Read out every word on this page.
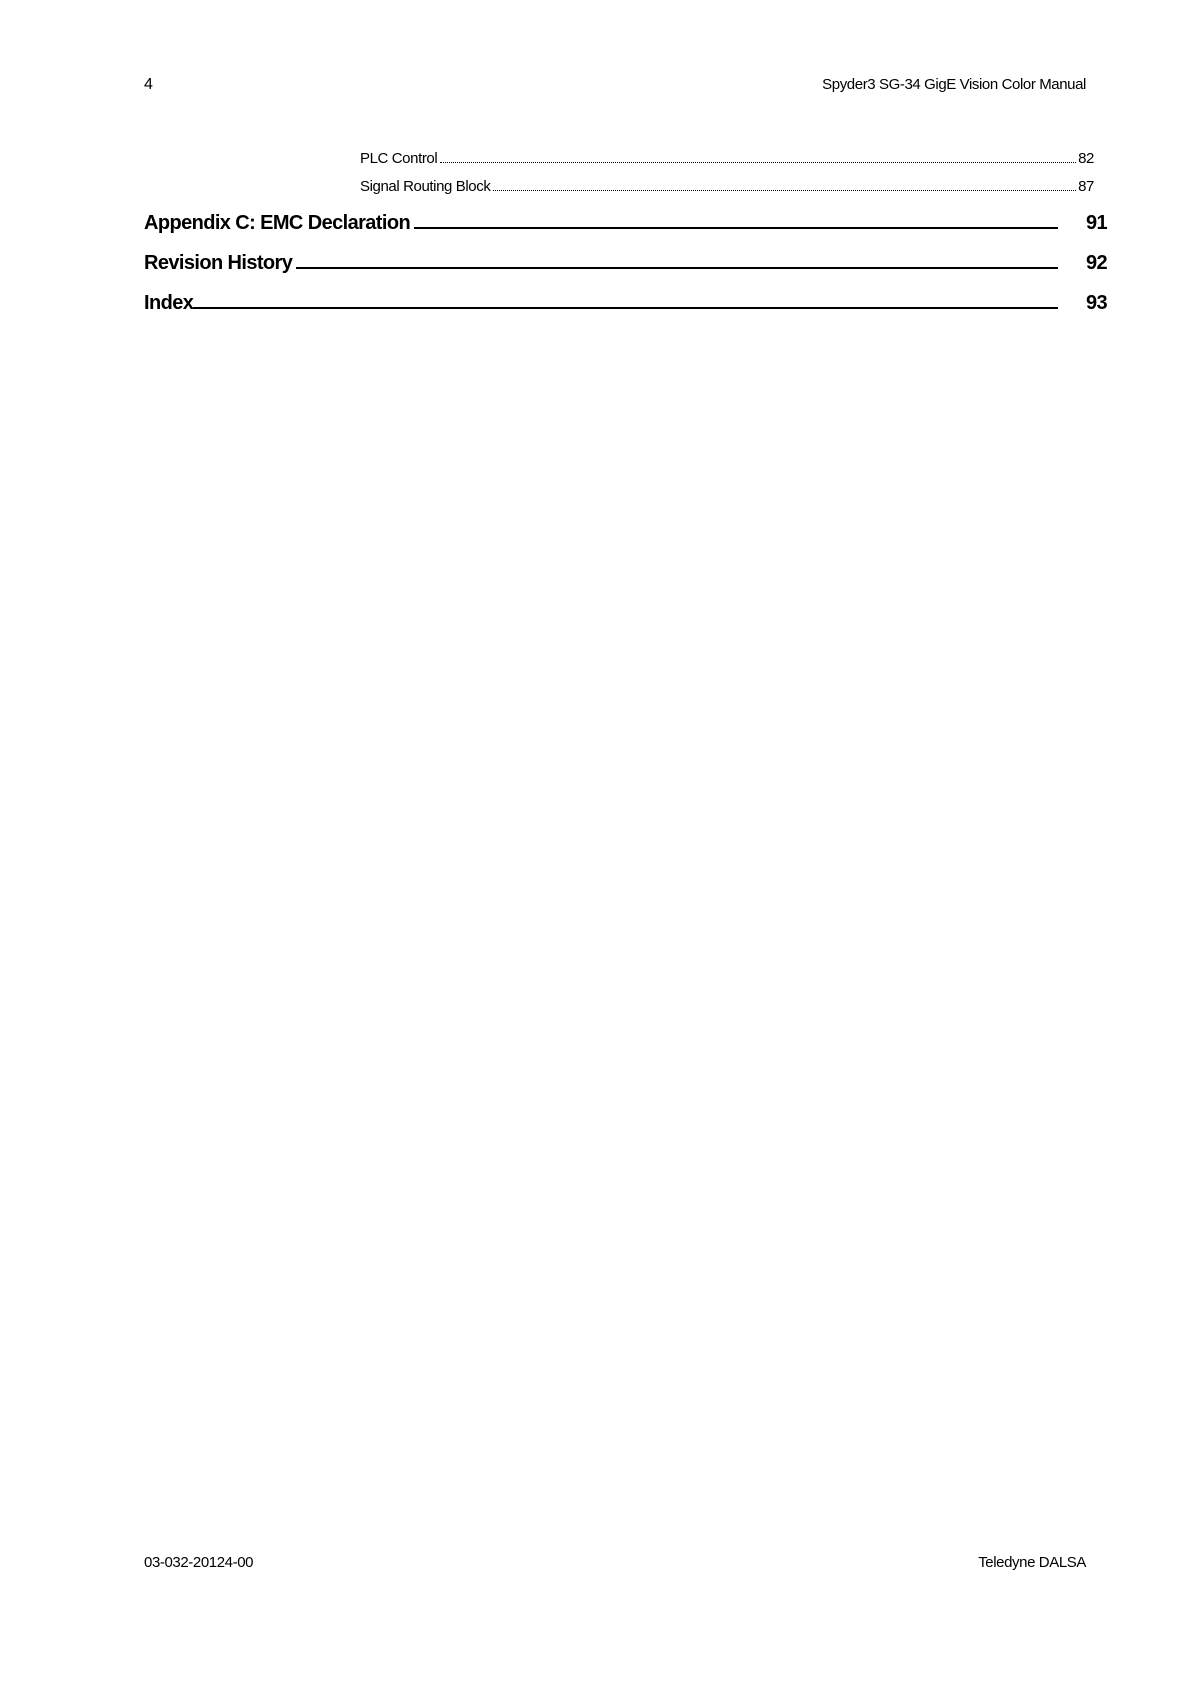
4	Spyder3 SG-34 GigE Vision Color Manual
PLC Control	82
Signal Routing Block	87
Appendix C: EMC Declaration	91
Revision History	92
Index	93
03-032-20124-00	Teledyne DALSA
